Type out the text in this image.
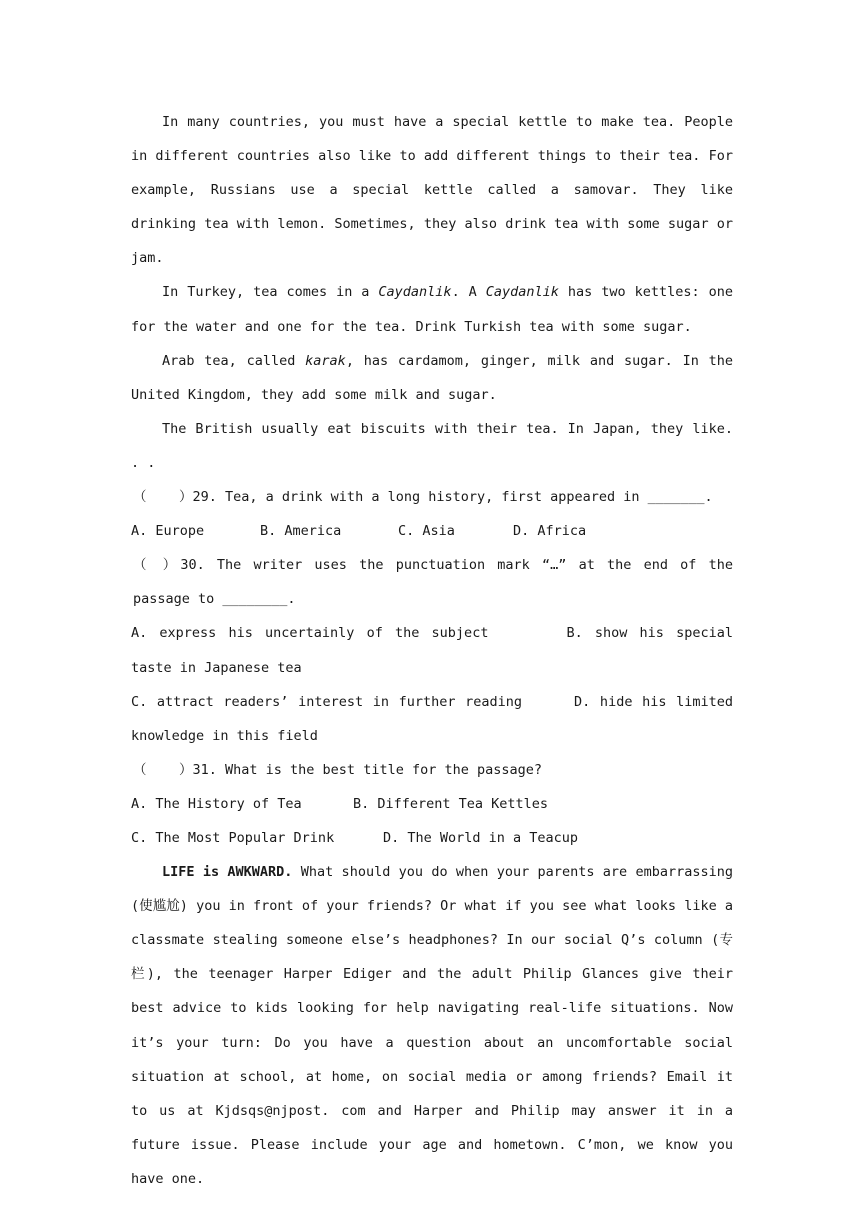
In many countries, you must have a special kettle to make tea. People in different countries also like to add different things to their tea. For example, Russians use a special kettle called a samovar. They like drinking tea with lemon. Sometimes, they also drink tea with some sugar or jam.

In Turkey, tea comes in a Caydanlik. A Caydanlik has two kettles: one for the water and one for the tea. Drink Turkish tea with some sugar.

Arab tea, called karak, has cardamom, ginger, milk and sugar. In the United Kingdom, they add some milk and sugar.

The British usually eat biscuits with their tea. In Japan, they like. . .

（    ）29. Tea, a drink with a long history, first appeared in _______.

A. Europe	B. America	C. Asia	D. Africa

（ ）30. The writer uses the punctuation mark “…” at the end of the passage to ________.

A. express his uncertainly of the subject	B. show his special taste in Japanese tea

C. attract readers’ interest in further reading	D. hide his limited knowledge in this field

（    ）31. What is the best title for the passage?

A. The History of Tea	B. Different Tea Kettles
C. The Most Popular Drink	D. The World in a Teacup

LIFE is AWKWARD. What should you do when your parents are embarrassing (使尴尬) you in front of your friends? Or what if you see what looks like a classmate stealing someone else’s headphones? In our social Q’s column (专栏), the teenager Harper Ediger and the adult Philip Glances give their best advice to kids looking for help navigating real-life situations. Now it’s your turn: Do you have a question about an uncomfortable social situation at school, at home, on social media or among friends? Email it to us at Kjdsqs@njpost. com and Harper and Philip may answer it in a future issue. Please include your age and hometown. C’mon, we know you have one.
